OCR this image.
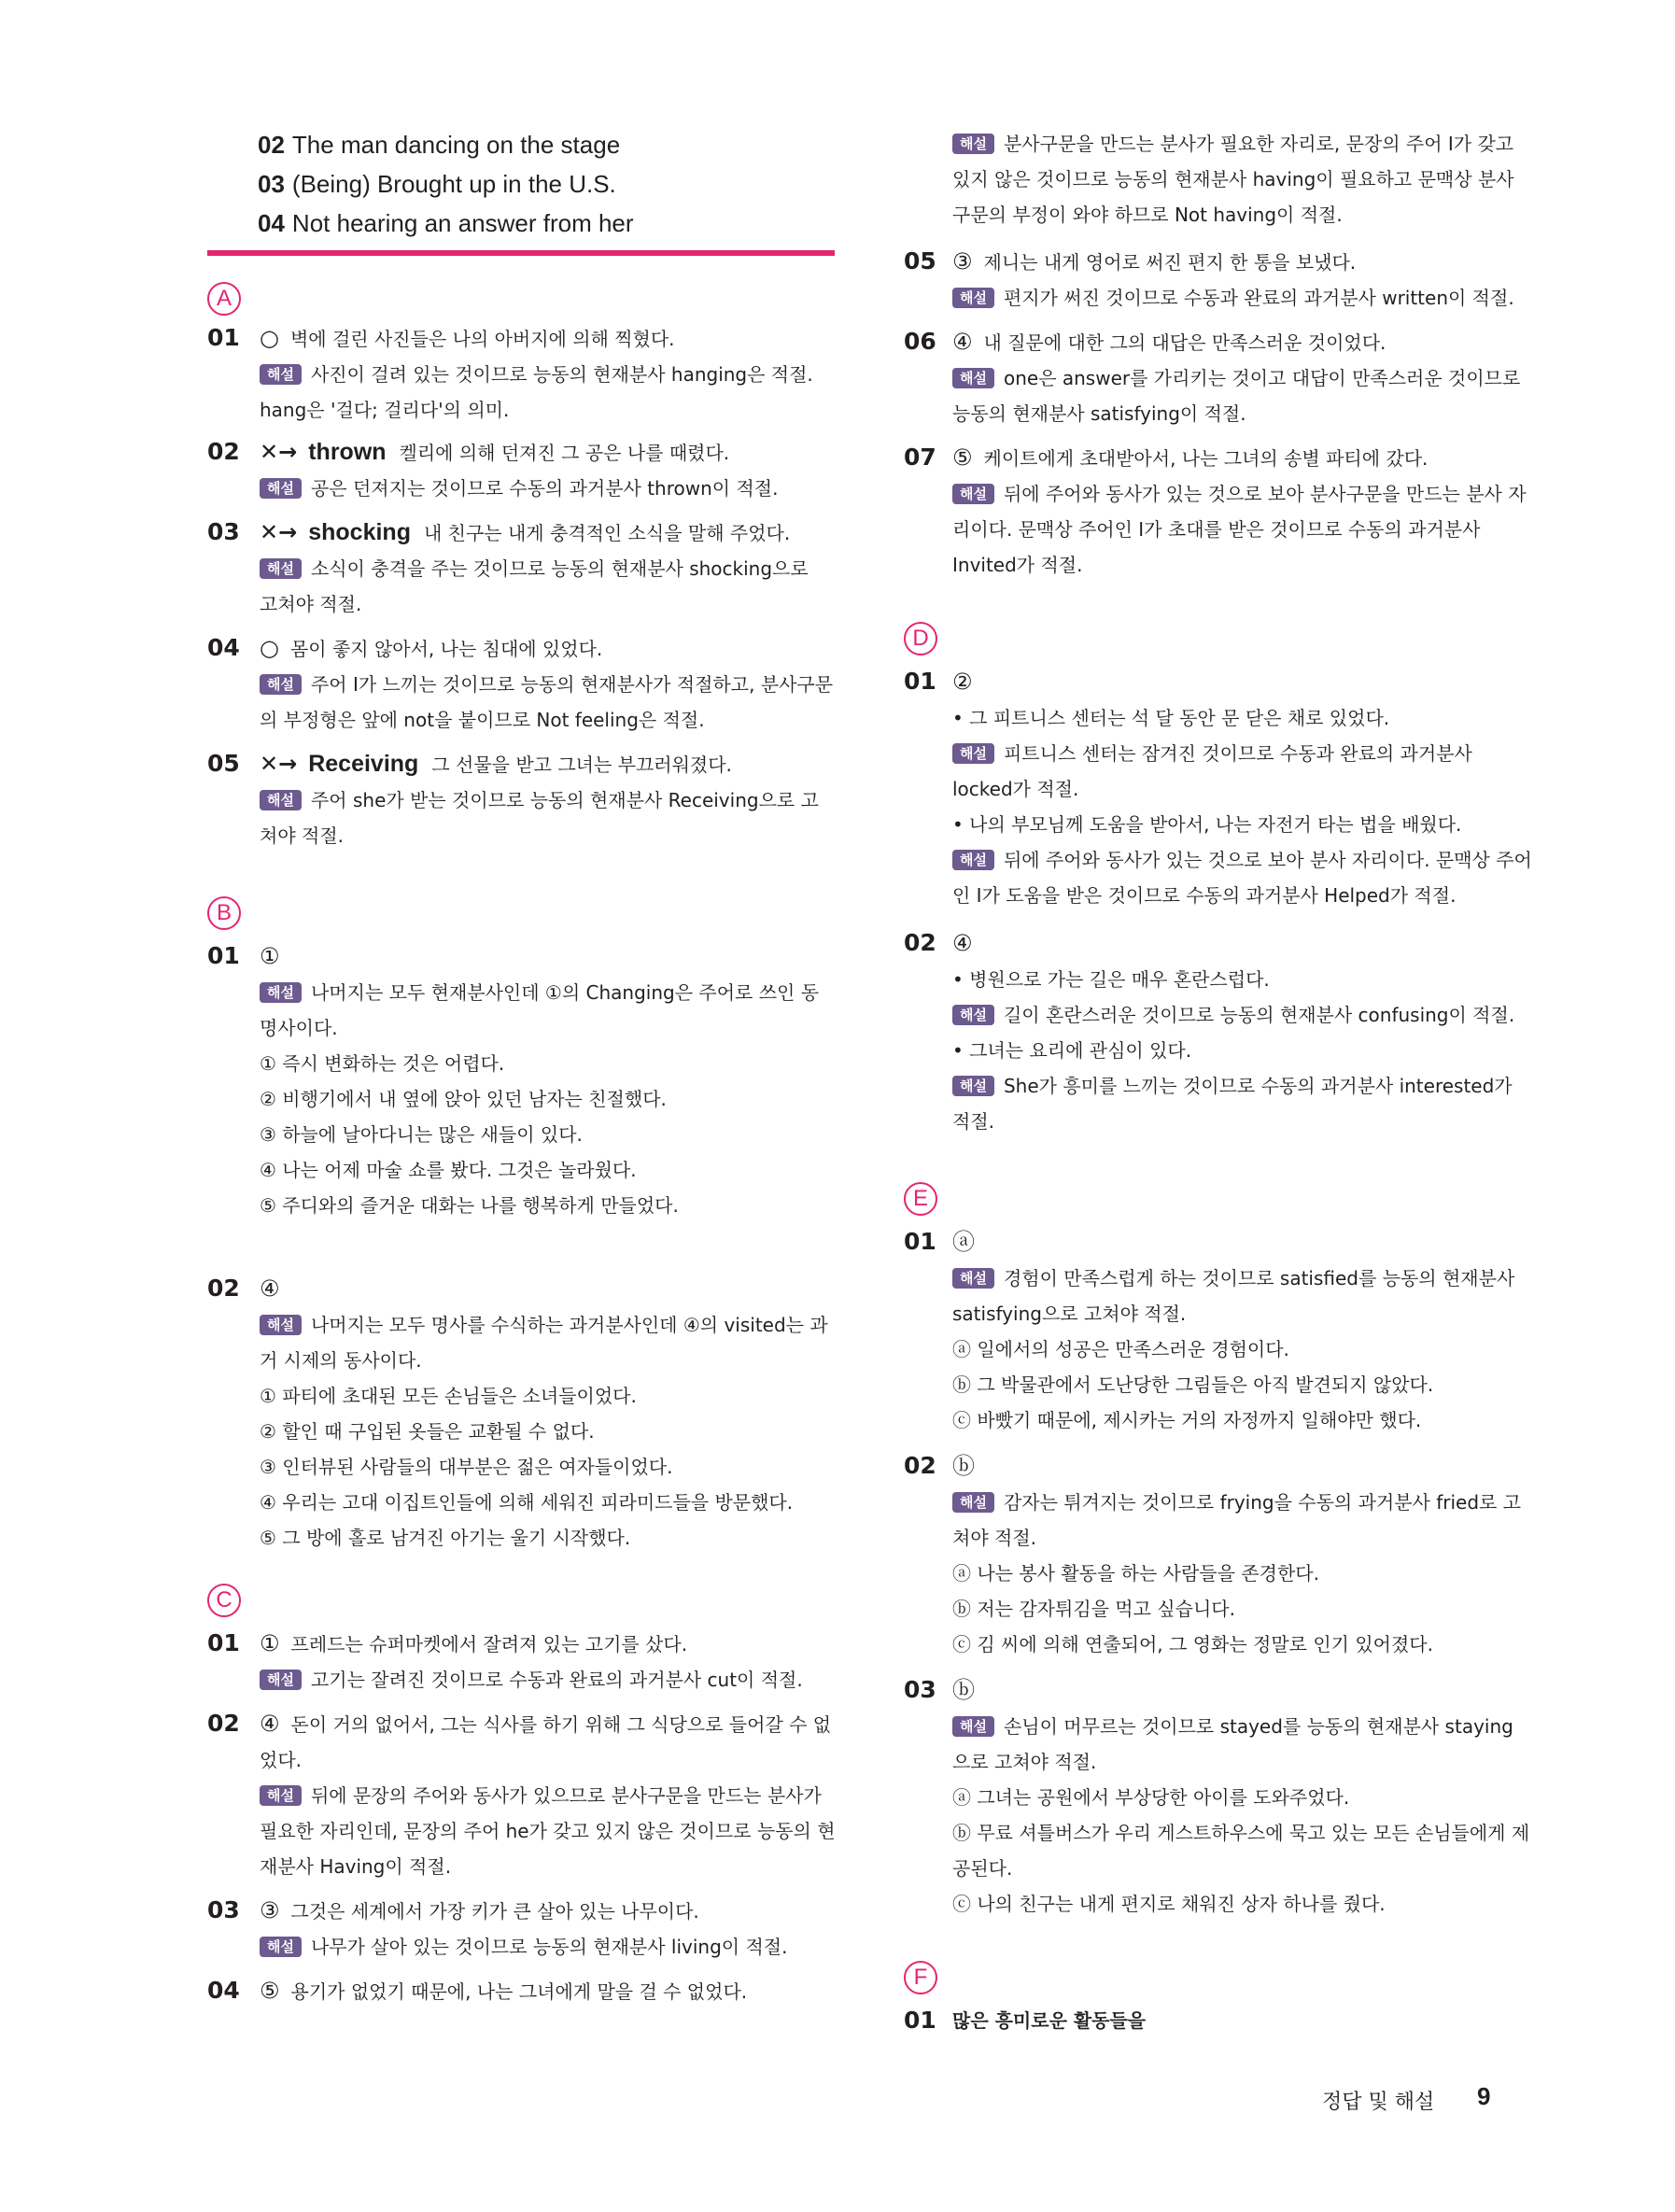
02 The man dancing on the stage
03 (Being) Brought up in the U.S.
04 Not hearing an answer from her
A
01 ○ 벽에 걸린 사진들은 나의 아버지에 의해 찍혔다.
해설 사진이 걸려 있는 것이므로 능동의 현재분사 hanging은 적절.
hang은 '걸다; 걸리다'의 의미.
02 ✕→ thrown 켈리에 의해 던져진 그 공은 나를 때렸다.
해설 공은 던져지는 것이므로 수동의 과거분사 thrown이 적절.
03 ✕→ shocking 내 친구는 내게 충격적인 소식을 말해 주었다.
해설 소식이 충격을 주는 것이므로 능동의 현재분사 shocking으로
고쳐야 적절.
04 ○ 몸이 좋지 않아서, 나는 침대에 있었다.
해설 주어 I가 느끼는 것이므로 능동의 현재분사가 적절하고, 분사구문
의 부정형은 앞에 not을 붙이므로 Not feeling은 적절.
05 ✕→ Receiving 그 선물을 받고 그녀는 부끄러워졌다.
해설 주어 she가 받는 것이므로 능동의 현재분사 Receiving으로 고
쳐야 적절.
B
01 ①
해설 나머지는 모두 현재분사인데 ①의 Changing은 주어로 쓰인 동
명사이다.
① 즉시 변화하는 것은 어렵다.
② 비행기에서 내 옆에 앉아 있던 남자는 친절했다.
③ 하늘에 날아다니는 많은 새들이 있다.
④ 나는 어제 마술 쇼를 봤다. 그것은 놀라웠다.
⑤ 주디와의 즐거운 대화는 나를 행복하게 만들었다.
02 ④
해설 나머지는 모두 명사를 수식하는 과거분사인데 ④의 visited는 과
거 시제의 동사이다.
① 파티에 초대된 모든 손님들은 소녀들이었다.
② 할인 때 구입된 옷들은 교환될 수 없다.
③ 인터뷰된 사람들의 대부분은 젊은 여자들이었다.
④ 우리는 고대 이집트인들에 의해 세워진 피라미드들을 방문했다.
⑤ 그 방에 홀로 남겨진 아기는 울기 시작했다.
C
01 ① 프레드는 슈퍼마켓에서 잘려져 있는 고기를 샀다.
해설 고기는 잘려진 것이므로 수동과 완료의 과거분사 cut이 적절.
02 ④ 돈이 거의 없어서, 그는 식사를 하기 위해 그 식당으로 들어갈 수 없
었다.
해설 뒤에 문장의 주어와 동사가 있으므로 분사구문을 만드는 분사가
필요한 자리인데, 문장의 주어 he가 갖고 있지 않은 것이므로 능동의 현
재분사 Having이 적절.
03 ③ 그것은 세계에서 가장 키가 큰 살아 있는 나무이다.
해설 나무가 살아 있는 것이므로 능동의 현재분사 living이 적절.
04 ⑤ 용기가 없었기 때문에, 나는 그녀에게 말을 걸 수 없었다.
해설 분사구문을 만드는 분사가 필요한 자리로, 문장의 주어 I가 갖고
있지 않은 것이므로 능동의 현재분사 having이 필요하고 문맥상 분사
구문의 부정이 와야 하므로 Not having이 적절.
05 ③ 제니는 내게 영어로 써진 편지 한 통을 보냈다.
해설 편지가 써진 것이므로 수동과 완료의 과거분사 written이 적절.
06 ④ 내 질문에 대한 그의 대답은 만족스러운 것이었다.
해설 one은 answer를 가리키는 것이고 대답이 만족스러운 것이므로
능동의 현재분사 satisfying이 적절.
07 ⑤ 케이트에게 초대받아서, 나는 그녀의 송별 파티에 갔다.
해설 뒤에 주어와 동사가 있는 것으로 보아 분사구문을 만드는 분사 자
리이다. 문맥상 주어인 I가 초대를 받은 것이므로 수동의 과거분사
Invited가 적절.
D
01 ②
• 그 피트니스 센터는 석 달 동안 문 닫은 채로 있었다.
해설 피트니스 센터는 잠겨진 것이므로 수동과 완료의 과거분사
locked가 적절.
• 나의 부모님께 도움을 받아서, 나는 자전거 타는 법을 배웠다.
해설 뒤에 주어와 동사가 있는 것으로 보아 분사 자리이다. 문맥상 주어
인 I가 도움을 받은 것이므로 수동의 과거분사 Helped가 적절.
02 ④
• 병원으로 가는 길은 매우 혼란스럽다.
해설 길이 혼란스러운 것이므로 능동의 현재분사 confusing이 적절.
• 그녀는 요리에 관심이 있다.
해설 She가 흥미를 느끼는 것이므로 수동의 과거분사 interested가
적절.
E
01 ⓐ
해설 경험이 만족스럽게 하는 것이므로 satisfied를 능동의 현재분사
satisfying으로 고쳐야 적절.
ⓐ 일에서의 성공은 만족스러운 경험이다.
ⓑ 그 박물관에서 도난당한 그림들은 아직 발견되지 않았다.
ⓒ 바빴기 때문에, 제시카는 거의 자정까지 일해야만 했다.
02 ⓑ
해설 감자는 튀겨지는 것이므로 frying을 수동의 과거분사 fried로 고
쳐야 적절.
ⓐ 나는 봉사 활동을 하는 사람들을 존경한다.
ⓑ 저는 감자튀김을 먹고 싶습니다.
ⓒ 김 씨에 의해 연출되어, 그 영화는 정말로 인기 있어졌다.
03 ⓑ
해설 손님이 머무르는 것이므로 stayed를 능동의 현재분사 staying
으로 고쳐야 적절.
ⓐ 그녀는 공원에서 부상당한 아이를 도와주었다.
ⓑ 무료 셔틀버스가 우리 게스트하우스에 묵고 있는 모든 손님들에게 제
공된다.
ⓒ 나의 친구는 내게 편지로 채워진 상자 하나를 줬다.
F
01 많은 흥미로운 활동들을
정답 및 해설 9
